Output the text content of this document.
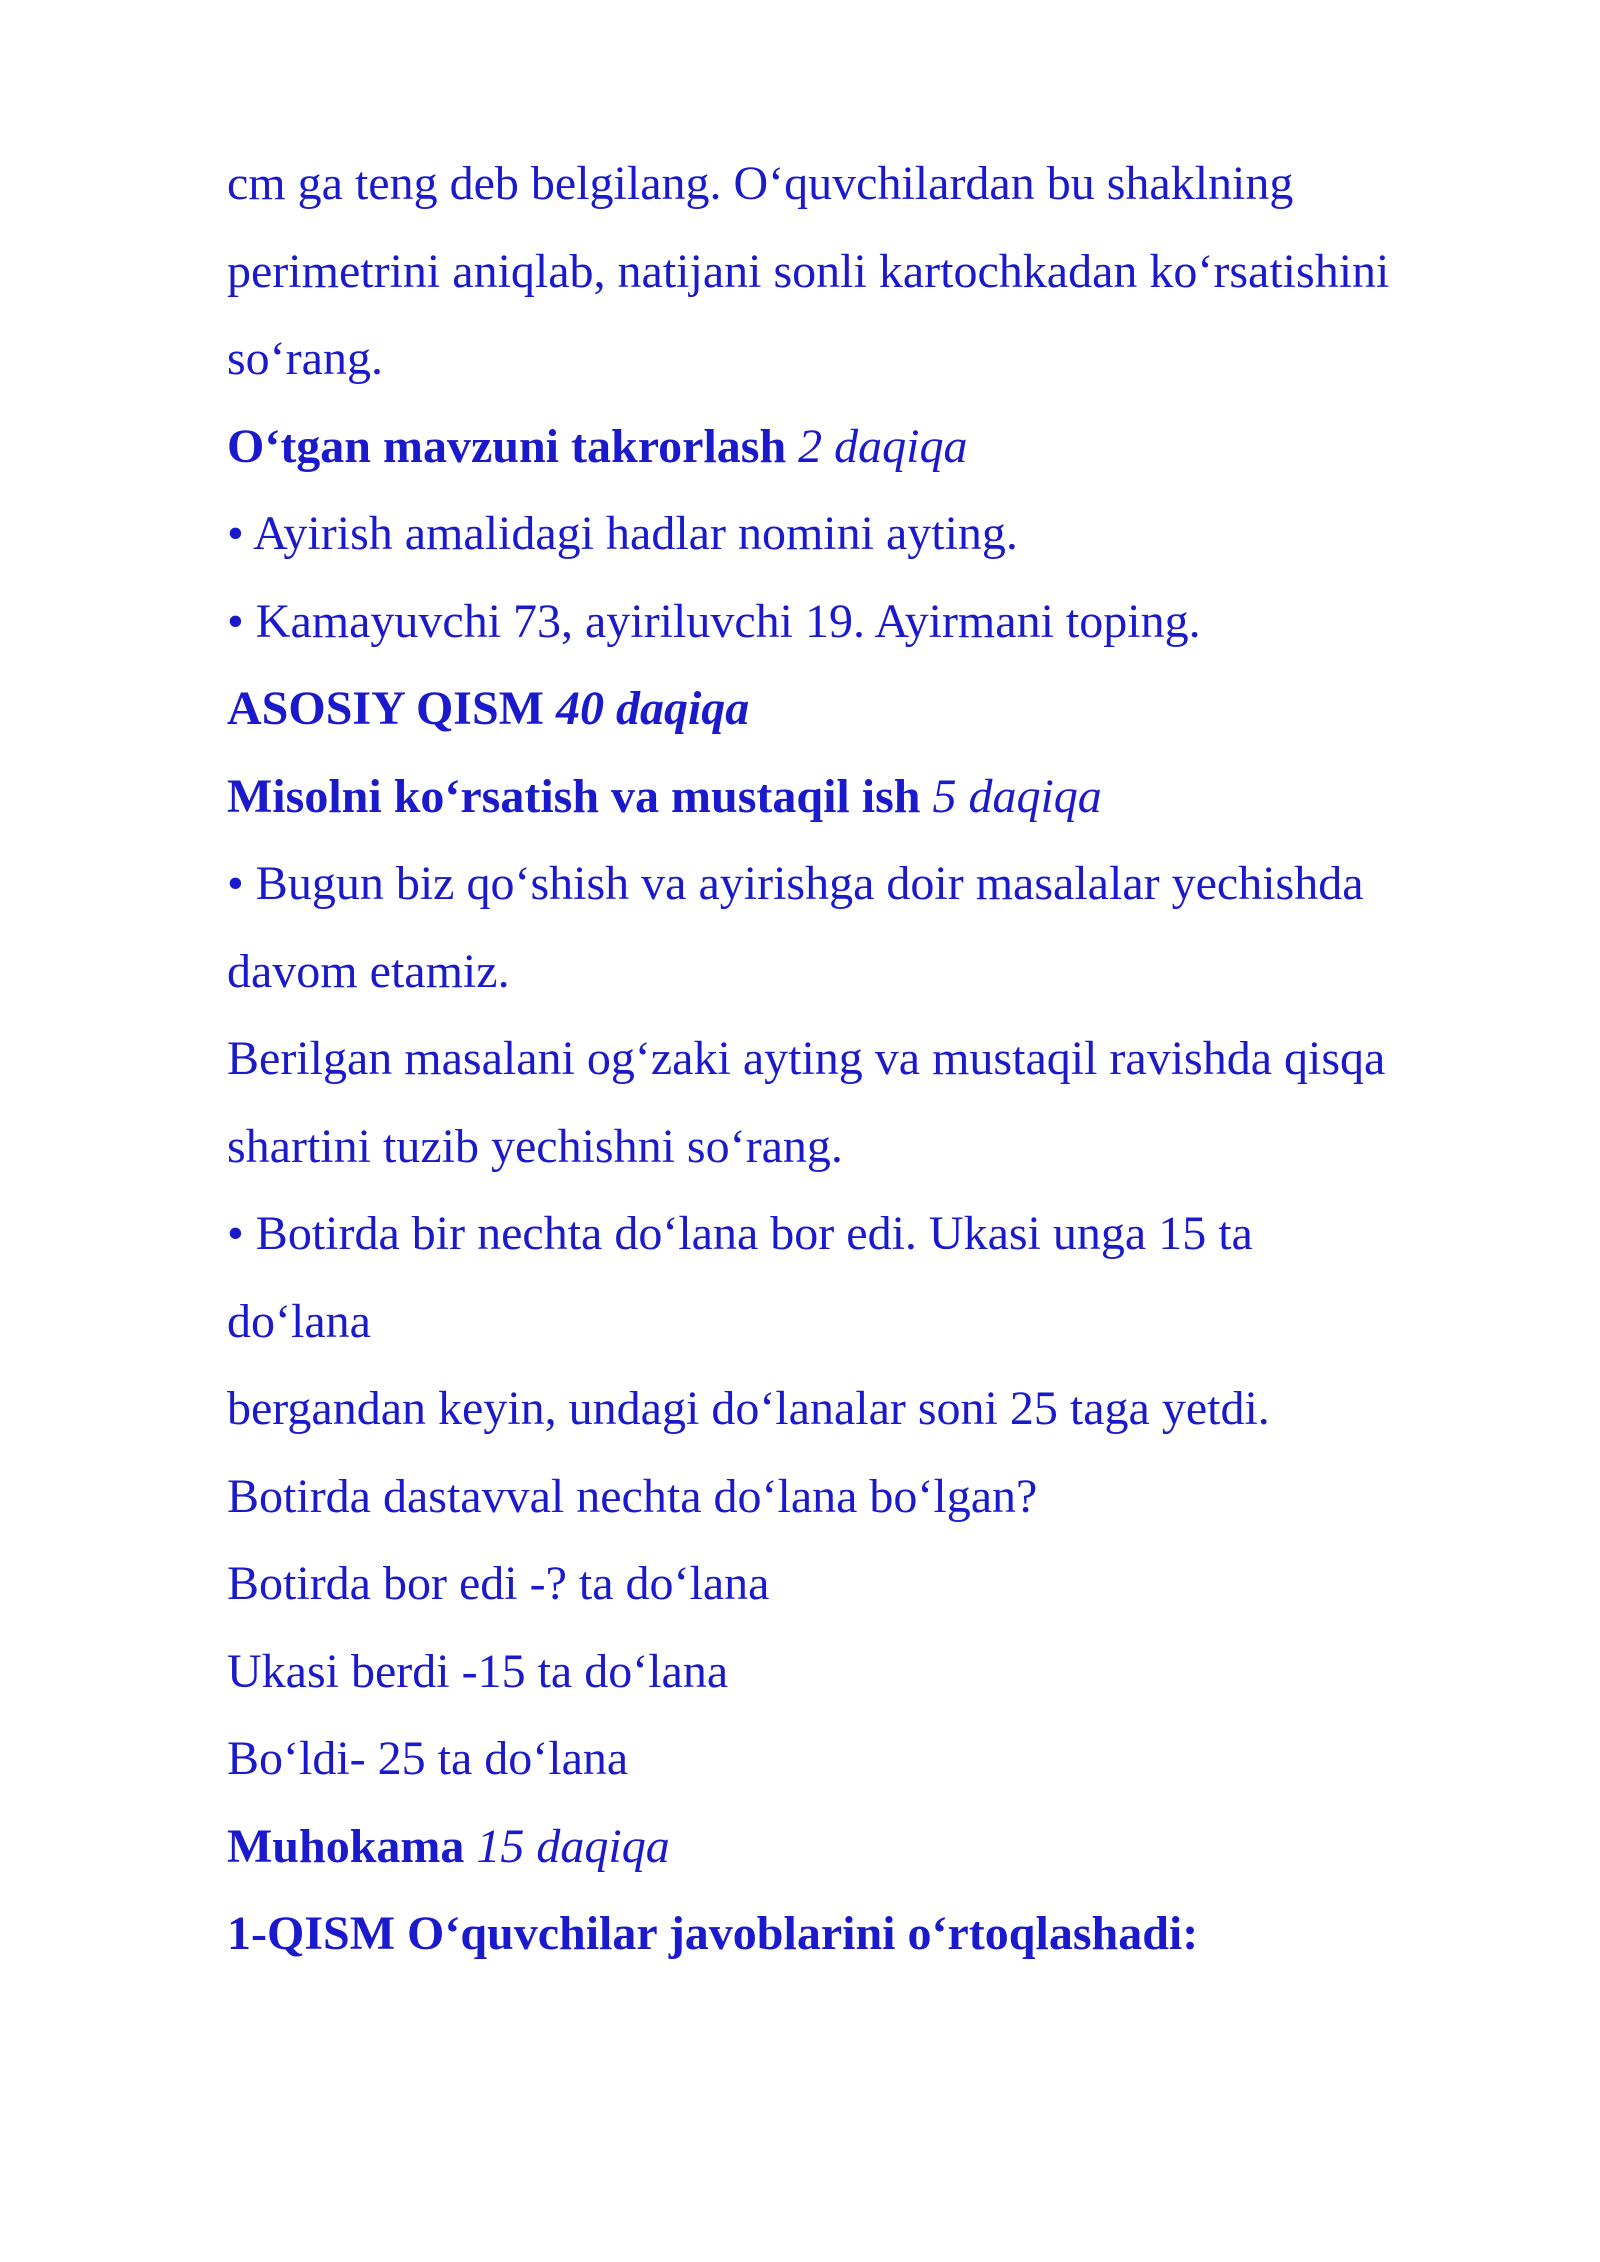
cm ga teng deb belgilang. O‘quvchilardan bu shaklning
perimetrini aniqlab, natijani sonli kartochkadan ko‘rsatishini
so‘rang.
O‘tgan mavzuni takrorlash 2 daqiqa
• Ayirish amalidagi hadlar nomini ayting.
• Kamayuvchi 73, ayiriluvchi 19. Ayirmani toping.
ASOSIY QISM 40 daqiqa
Misolni ko‘rsatish va mustaqil ish 5 daqiqa
• Bugun biz qo‘shish va ayirishga doir masalalar yechishda
davom etamiz.
Berilgan masalani og‘zaki ayting va mustaqil ravishda qisqa
shartini tuzib yechishni so‘rang.
• Botirda bir nechta do‘lana bor edi. Ukasi unga 15 ta
do‘lana
bergandan keyin, undagi do‘lanalar soni 25 taga yetdi.
Botirda dastavval nechta do‘lana bo‘lgan?
Botirda bor edi -? ta do‘lana
Ukasi berdi -15 ta do‘lana
Bo‘ldi- 25 ta do‘lana
Muhokama 15 daqiqa
1-QISM O‘quvchilar javoblarini o‘rtoqlashadi:
